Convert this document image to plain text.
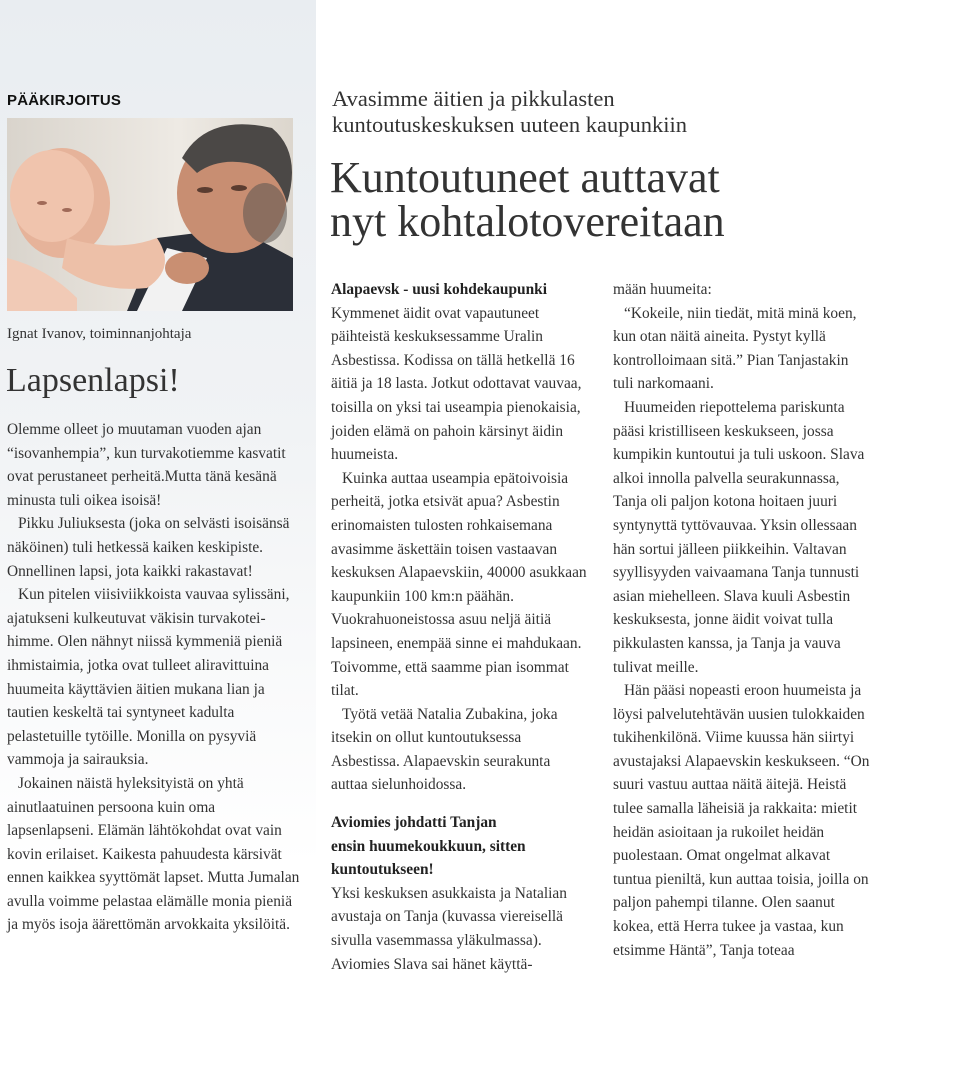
PÄÄKIRJOITUS
Ignat Ivanov, toiminnanjohtaja
Lapsenlapsi!

Olemme olleet jo muutaman vuoden ajan “isovanhempia”, kun turvakotiemme kasvatit ovat perustaneet perheitä.Mutta tänä kesänä minusta tuli oikea isoisä!

Pikku Juliuksesta (joka on selvästi isoisänsä näköinen) tuli hetkessä kaiken keskipiste. Onnellinen lapsi, jota kaikki rakastavat!

Kun pitelen viisiviikkoista vauvaa sylissäni, ajatukseni kulkeutuvat väkisin turvakoteihimme. Olen nähnyt niissä kymmeniä pieniä ihmistaimia, jotka ovat tulleet aliravittuina huumeita käyttävien äitien mukana lian ja tautien keskeltä tai syntyneet kadulta pelastetuille tytöille. Monilla on pysyviä vammoja ja sairauksia.

Jokainen näistä hyleksityistä on yhtä ainutlaatuinen persoona kuin oma lapsenlapseni. Elämän lähtökohdat ovat vain kovin erilaiset. Kaikesta pahuudesta kärsivät ennen kaikkea syyttömät lapset. Mutta Jumalan avulla voimme pelastaa elämälle monia pieniä ja myös isoja äärettömän arvokkaita yksilöitä.

Avasimme äitien ja pikkulasten
kuntoutuskeskuksen uuteen kaupunkiin
Kuntoutuneet auttavat
nyt kohtalotovereitaan

Alapaevsk - uusi kohdekaupunki

Kymmenet äidit ovat vapautuneet päihteistä keskuksessamme Uralin Asbestissa. Kodissa on tällä hetkellä 16 äitiä ja 18 lasta. Jotkut odottavat vauvaa, toisilla on yksi tai useampia pienokaisia, joiden elämä on pahoin kärsinyt äidin huumeista.

Kuinka auttaa useampia epätoivoisia perheitä, jotka etsivät apua? Asbestin erinomaisten tulosten rohkaisemana avasimme äskettäin toisen vastaavan keskuksen Alapaevskiin, 40000 asukkaan kaupunkiin 100 km:n päähän. Vuokrahuoneistossa asuu neljä äitiä lapsineen, enempää sinne ei mahdukaan. Toivomme, että saamme pian isommat tilat.

Työtä vetää Natalia Zubakina, joka itsekin on ollut kuntoutuksessa Asbestissa. Alapaevskin seurakunta auttaa sielunhoidossa.

Aviomies johdatti Tanjan
ensin huumekoukkuun, sitten
kuntoutukseen!

Yksi keskuksen asukkaista ja Natalian avustaja on Tanja (kuvassa viereisellä sivulla vasemmassa yläkulmassa). Aviomies Slava sai hänet käyttä-

mään huumeita:

“Kokeile, niin tiedät, mitä minä koen, kun otan näitä aineita. Pystyt kyllä kontrolloimaan sitä.” Pian Tanjastakin tuli narkomaani.

Huumeiden riepottelema pariskunta pääsi kristilliseen keskukseen, jossa kumpikin kuntoutui ja tuli uskoon. Slava alkoi innolla palvella seurakunnassa, Tanja oli paljon kotona hoitaen juuri syntynyttä tyttövauvaa. Yksin ollessaan hän sortui jälleen piikkeihin. Valtavan syyllisyyden vaivaamana Tanja tunnusti asian miehelleen. Slava kuuli Asbestin keskuksesta, jonne äidit voivat tulla pikkulasten kanssa, ja Tanja ja vauva tulivat meille.

Hän pääsi nopeasti eroon huumeista ja löysi palvelutehtävän uusien tulokkaiden tukihenkilönä. Viime kuussa hän siirtyi avustajaksi Alapaevskin keskukseen. “On suuri vastuu auttaa näitä äitejä. Heistä tulee samalla läheisiä ja rakkaita: mietit heidän asioitaan ja rukoilet heidän puolestaan. Omat ongelmat alkavat tuntua pieniltä, kun auttaa toisia, joilla on paljon pahempi tilanne. Olen saanut kokea, että Herra tukee ja vastaa, kun etsimme Häntä”, Tanja toteaa
